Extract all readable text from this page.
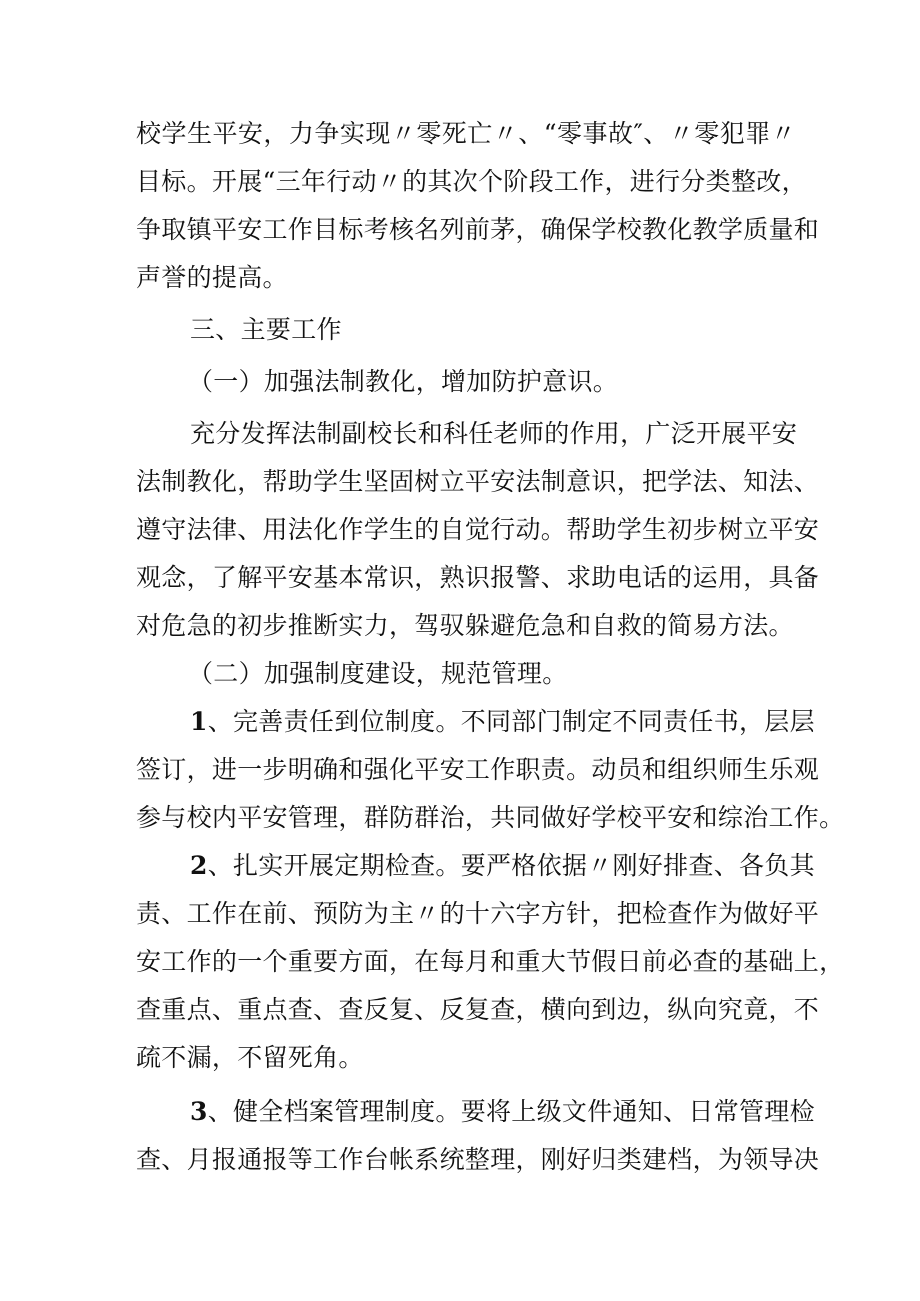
校学生平安，力争实现〃零死亡〃、“零事故″、〃零犯罪〃
目标。开展“三年行动〃的其次个阶段工作，进行分类整改，
争取镇平安工作目标考核名列前茅，确保学校教化教学质量和
声誉的提高。
三、主要工作
（一）加强法制教化，增加防护意识。
充分发挥法制副校长和科任老师的作用，广泛开展平安
法制教化，帮助学生坚固树立平安法制意识，把学法、知法、
遵守法律、用法化作学生的自觉行动。帮助学生初步树立平安
观念，了解平安基本常识，熟识报警、求助电话的运用，具备
对危急的初步推断实力，驾驭躲避危急和自救的简易方法。
（二）加强制度建设，规范管理。
1、完善责任到位制度。不同部门制定不同责任书，层层
签订，进一步明确和强化平安工作职责。动员和组织师生乐观
参与校内平安管理，群防群治，共同做好学校平安和综治工作。
2、扎实开展定期检查。要严格依据〃刚好排查、各负其
责、工作在前、预防为主〃的十六字方针，把检查作为做好平
安工作的一个重要方面，在每月和重大节假日前必查的基础上，
查重点、重点查、查反复、反复查，横向到边，纵向究竟，不
疏不漏，不留死角。
3、健全档案管理制度。要将上级文件通知、日常管理检
查、月报通报等工作台帐系统整理，刚好归类建档，为领导决
